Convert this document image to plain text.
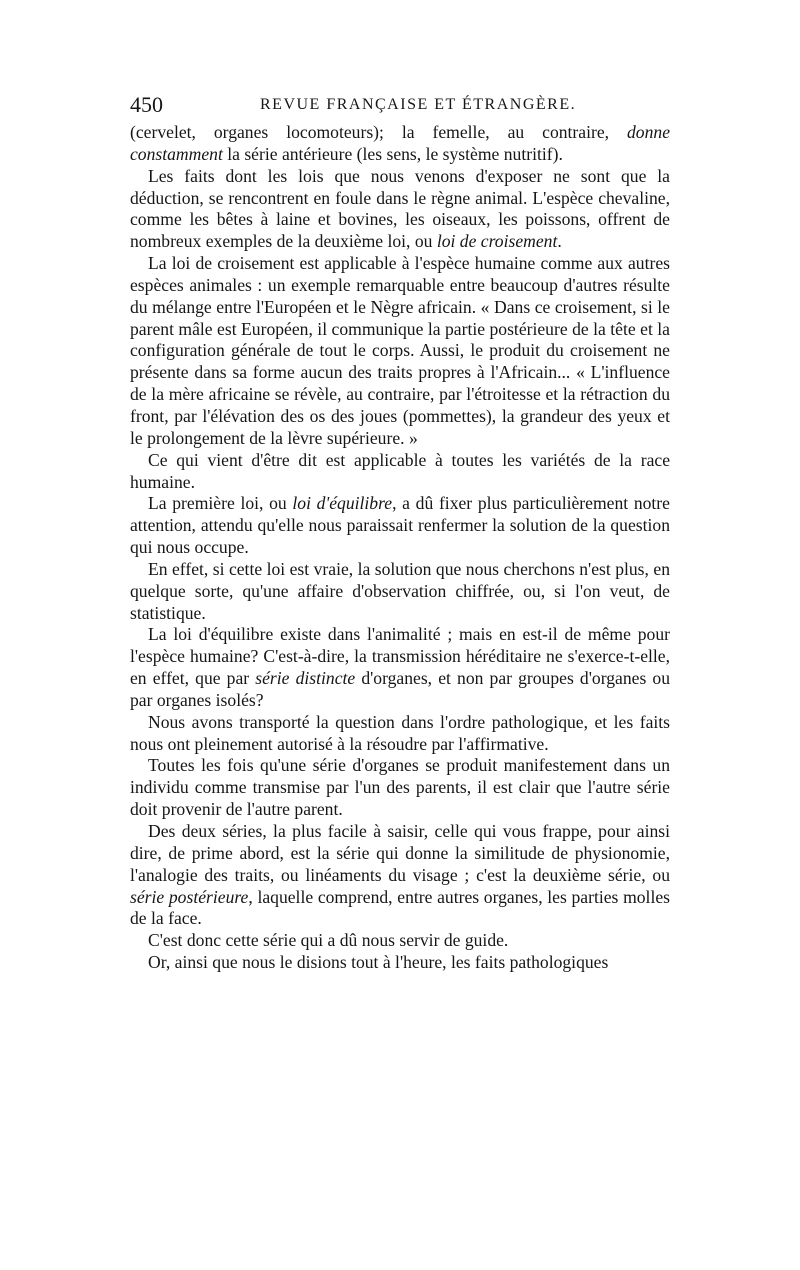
450	REVUE FRANÇAISE ET ÉTRANGÈRE.

(cervelet, organes locomoteurs); la femelle, au contraire, donne constamment la série antérieure (les sens, le système nutritif).

Les faits dont les lois que nous venons d'exposer ne sont que la déduction, se rencontrent en foule dans le règne animal. L'espèce chevaline, comme les bêtes à laine et bovines, les oiseaux, les poissons, offrent de nombreux exemples de la deuxième loi, ou loi de croisement.

La loi de croisement est applicable à l'espèce humaine comme aux autres espèces animales : un exemple remarquable entre beaucoup d'autres résulte du mélange entre l'Européen et le Nègre africain. « Dans ce croisement, si le parent mâle est Européen, il communique la partie postérieure de la tête et la configuration générale de tout le corps. Aussi, le produit du croisement ne présente dans sa forme aucun des traits propres à l'Africain... « L'influence de la mère africaine se révèle, au contraire, par l'étroitesse et la rétraction du front, par l'élévation des os des joues (pommettes), la grandeur des yeux et le prolongement de la lèvre supérieure. »

Ce qui vient d'être dit est applicable à toutes les variétés de la race humaine.

La première loi, ou loi d'équilibre, a dû fixer plus particulièrement notre attention, attendu qu'elle nous paraissait renfermer la solution de la question qui nous occupe.

En effet, si cette loi est vraie, la solution que nous cherchons n'est plus, en quelque sorte, qu'une affaire d'observation chiffrée, ou, si l'on veut, de statistique.

La loi d'équilibre existe dans l'animalité ; mais en est-il de même pour l'espèce humaine? C'est-à-dire, la transmission héréditaire ne s'exerce-t-elle, en effet, que par série distincte d'organes, et non par groupes d'organes ou par organes isolés?

Nous avons transporté la question dans l'ordre pathologique, et les faits nous ont pleinement autorisé à la résoudre par l'affirmative.

Toutes les fois qu'une série d'organes se produit manifestement dans un individu comme transmise par l'un des parents, il est clair que l'autre série doit provenir de l'autre parent.

Des deux séries, la plus facile à saisir, celle qui vous frappe, pour ainsi dire, de prime abord, est la série qui donne la similitude de physionomie, l'analogie des traits, ou linéaments du visage ; c'est la deuxième série, ou série postérieure, laquelle comprend, entre autres organes, les parties molles de la face.

C'est donc cette série qui a dû nous servir de guide.

Or, ainsi que nous le disions tout à l'heure, les faits pathologiques
